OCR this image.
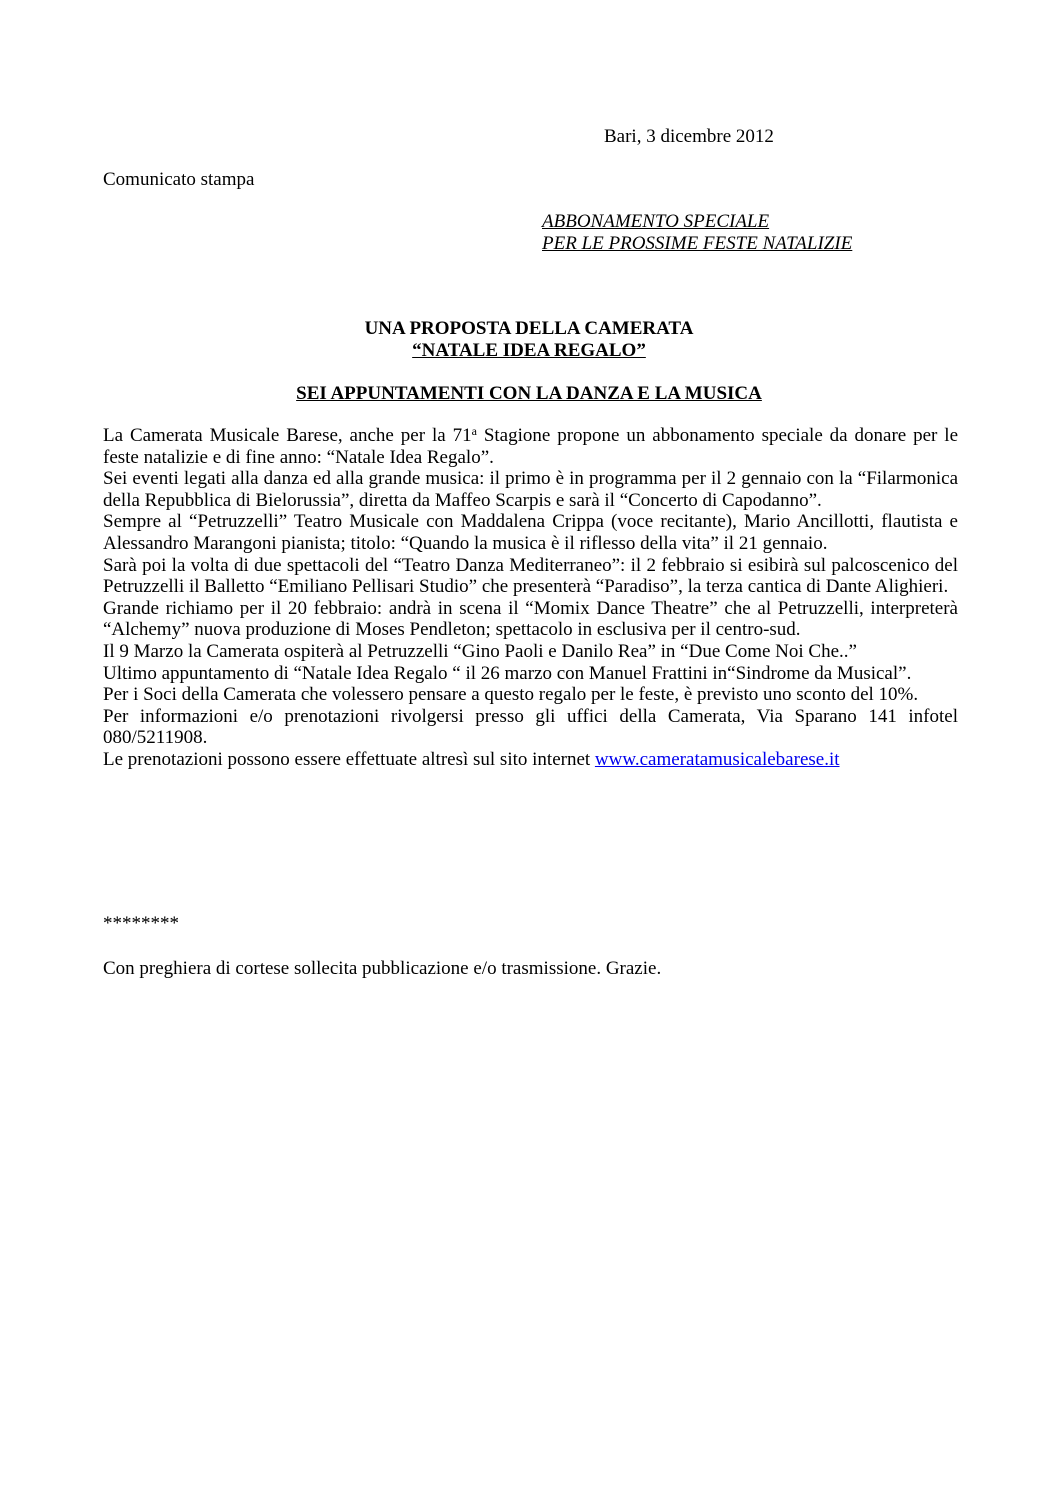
Bari, 3 dicembre 2012
Comunicato stampa
ABBONAMENTO SPECIALE
PER LE PROSSIME FESTE NATALIZIE
UNA PROPOSTA DELLA CAMERATA
“NATALE IDEA REGALO”
SEI APPUNTAMENTI CON LA DANZA E LA MUSICA

La Camerata Musicale Barese, anche per la 71$^a$ Stagione propone un abbonamento speciale da donare per le feste natalizie e di fine anno: “Natale Idea Regalo”.

Sei eventi legati alla danza ed alla grande musica: il primo è in programma per il 2 gennaio con la “Filarmonica della Repubblica di Bielorussia”, diretta da Maffeo Scarpis e sarà il “Concerto di Capodanno”.

Sempre al “Petruzzelli” Teatro Musicale con Maddalena Crippa (voce recitante), Mario Ancillotti, flautista e Alessandro Marangoni pianista; titolo: “Quando la musica è il riflesso della vita” il 21 gennaio.

Sarà poi la volta di due spettacoli del “Teatro Danza Mediterraneo”: il 2 febbraio si esibirà sul palcoscenico del Petruzzelli il Balletto “Emiliano Pellisari Studio” che presenterà “Paradiso”, la terza cantica di Dante Alighieri.

Grande richiamo per il 20 febbraio: andrà in scena il “Momix Dance Theatre” che al Petruzzelli, interpreterà “Alchemy” nuova produzione di Moses Pendleton; spettacolo in esclusiva per il centro-sud.

Il 9 Marzo la Camerata ospiterà al Petruzzelli “Gino Paoli e Danilo Rea” in “Due Come Noi Che..”

Ultimo appuntamento di “Natale Idea Regalo “ il 26 marzo con Manuel Frattini in“Sindrome da Musical”.

Per i Soci della Camerata che volessero pensare a questo regalo per le feste, è previsto uno sconto del 10%.

Per informazioni e/o prenotazioni rivolgersi presso gli uffici della Camerata, Via Sparano 141 infotel 080/5211908.

Le prenotazioni possono essere effettuate altresì sul sito internet www.cameratamusicalebarese.it

********
Con preghiera di cortese sollecita pubblicazione e/o trasmissione. Grazie.
